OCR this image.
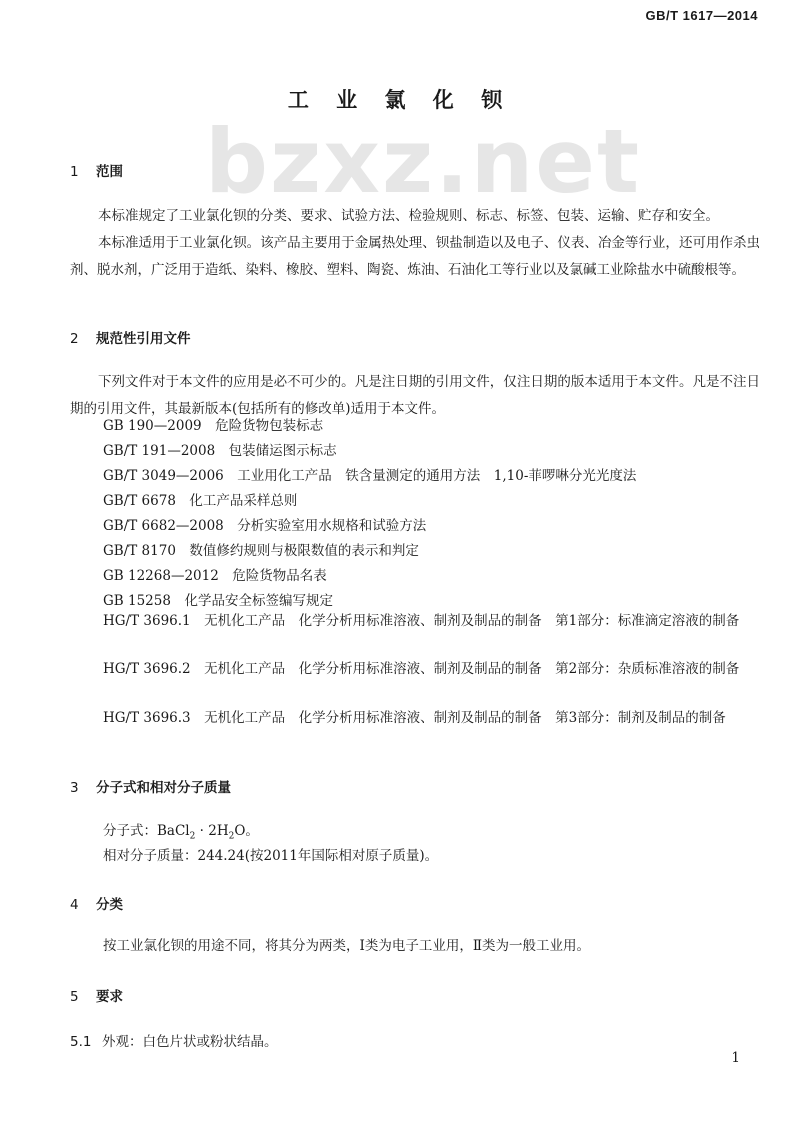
GB/T 1617—2014
bzxz.net
工 业 氯 化 钡
1 范围
本标准规定了工业氯化钡的分类、要求、试验方法、检验规则、标志、标签、包装、运输、贮存和安全。
本标准适用于工业氯化钡。该产品主要用于金属热处理、钡盐制造以及电子、仪表、冶金等行业，还可用作杀虫剂、脱水剂，广泛用于造纸、染料、橡胶、塑料、陶瓷、炼油、石油化工等行业以及氯碱工业除盐水中硫酸根等。
2 规范性引用文件
下列文件对于本文件的应用是必不可少的。凡是注日期的引用文件，仅注日期的版本适用于本文件。凡是不注日期的引用文件，其最新版本(包括所有的修改单)适用于本文件。
GB 190—2009　危险货物包装标志
GB/T 191—2008　包装储运图示标志
GB/T 3049—2006　工业用化工产品　铁含量测定的通用方法　1,10-菲啰啉分光光度法
GB/T 6678　化工产品采样总则
GB/T 6682—2008　分析实验室用水规格和试验方法
GB/T 8170　数值修约规则与极限数值的表示和判定
GB 12268—2012　危险货物品名表
GB 15258　化学品安全标签编写规定
HG/T 3696.1　无机化工产品　化学分析用标准溶液、制剂及制品的制备　第1部分：标准滴定溶液的制备
HG/T 3696.2　无机化工产品　化学分析用标准溶液、制剂及制品的制备　第2部分：杂质标准溶液的制备
HG/T 3696.3　无机化工产品　化学分析用标准溶液、制剂及制品的制备　第3部分：制剂及制品的制备
3 分子式和相对分子质量
分子式：BaCl$_2$ · $2H_2O$。
相对分子质量：244.24(按2011年国际相对原子质量)。
4 分类
按工业氯化钡的用途不同，将其分为两类，Ⅰ类为电子工业用，Ⅱ类为一般工业用。
5 要求
5.1 外观：白色片状或粉状结晶。
1
